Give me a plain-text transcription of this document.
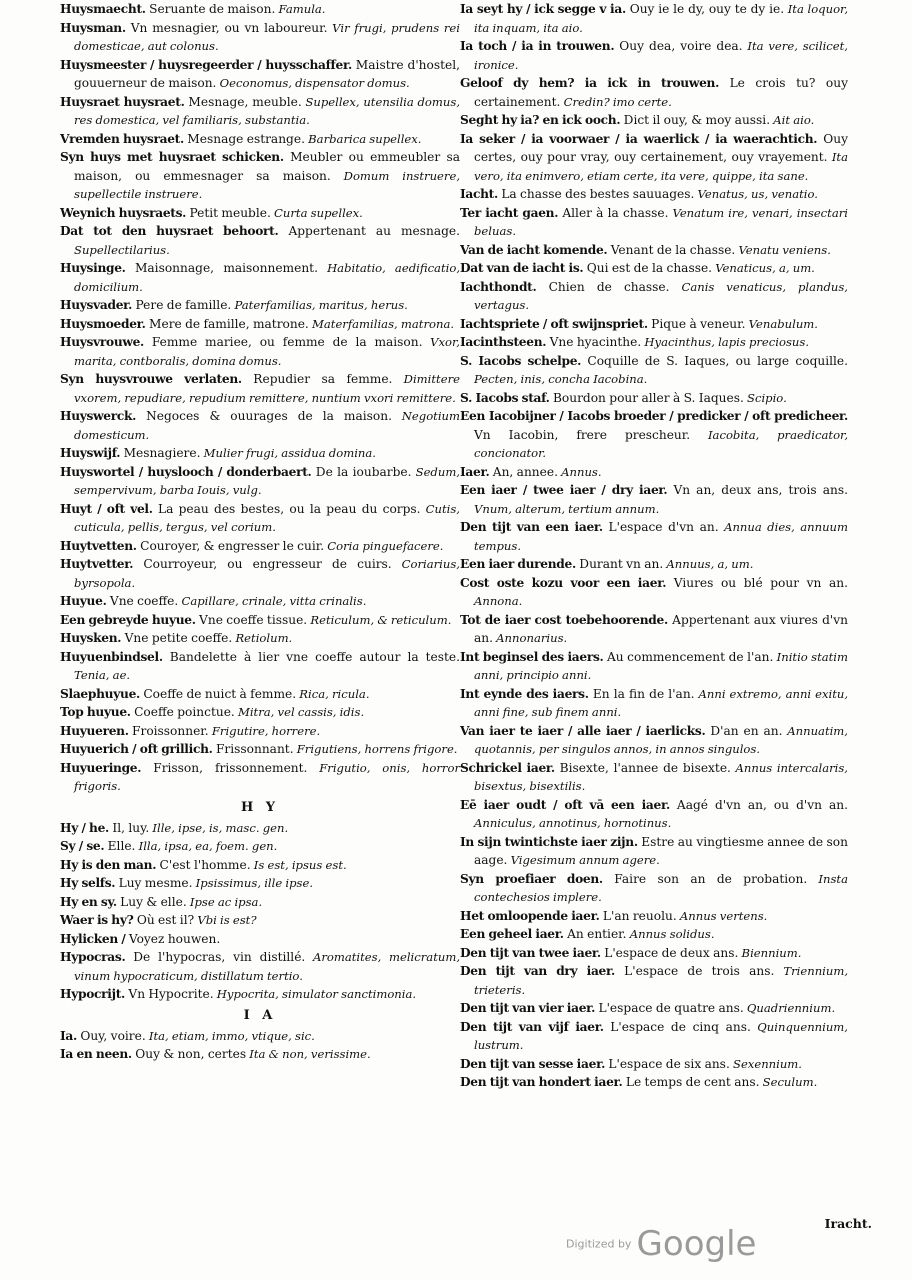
Huysmaecht. Seruante de maison. Famula.
Huysman. Vn mesnagier, ou vn laboureur. Vir frugi, prudens rei domesticae, aut colonus.
Huysmeester / huysregeerder / huysschaffer. Maistre d'hostel, gouuerneur de maison. Oeconomus, dispensator domus.
Huysraet huysraet. Mesnage, meuble. Supellex, utensilia domus, res domestica, vel familiaris, substantia.
Vremden huysraet. Mesnage estrange. Barbarica supellex.
Syn huys met huysraet schicken. Meubler ou emmeubler sa maison, ou emmesnager sa maison. Domum instruere, supellectile instruere.
Weynich huysraets. Petit meuble. Curta supellex.
Dat tot den huysraet behoort. Appertenant au mesnage. Supellectilarius.
Huysinge. Maisonnage, maisonnement. Habitatio, aedificatio, domicilium.
Huysvader. Pere de famille. Paterfamilias, maritus, herus.
Huysmoeder. Mere de famille, matrone. Materfamilias, matrona.
Huysvrouwe. Femme mariee, ou femme de la maison. Vxor, marita, contboralis, domina domus.
Syn huysvrouwe verlaten. Repudier sa femme. Dimittere vxorem, repudiare, repudium remittere, nuntium vxori remittere.
Huyswerck. Negoces & ouurages de la maison. Negotium domesticum.
Huyswijf. Mesnagiere. Mulier frugi, assidua domina.
Huyswortel / huyslooch / donderbaert. De la ioubarbe. Sedum, sempervivum, barba Iouis, vulg.
Huyt / oft vel. La peau des bestes, ou la peau du corps. Cutis, cuticula, pellis, tergus, vel corium.
Huytvetten. Couroyer, & engresser le cuir. Coria pinguefacere.
Huytvetter. Courroyeur, ou engresseur de cuirs. Coriarius, byrsopola.
Huyue. Vne coeffe. Capillare, crinale, vitta crinalis.
Een gebreyde huyue. Vne coeffe tissue. Reticulum, & reticulum.
Huysken. Vne petite coeffe. Retiolum.
Huyuenbindsel. Bandelette à lier vne coeffe autour la teste. Tenia, ae.
Slaephuyue. Coeffe de nuict à femme. Rica, ricula.
Top huyue. Coeffe poinctue. Mitra, vel cassis, idis.
Huyueren. Froissonner. Frigutire, horrere.
Huyuerich / oft grillich. Frissonnant. Frigutiens, horrens frigore.
Huyueringe. Frisson, frissonnement. Frigutio, onis, horror frigoris.
H Y
Hy / he. Il, luy. Ille, ipse, is, masc. gen.
Sy / se. Elle. Illa, ipsa, ea, foem. gen.
Hy is den man. C'est l'homme. Is est, ipsus est.
Hy selfs. Luy mesme. Ipsissimus, ille ipse.
Hy en sy. Luy & elle. Ipse ac ipsa.
Waer is hy? Où est il? Vbi is est?
Hylicken / Voyez houwen.
Hypocras. De l'hypocras, vin distillé. Aromatites, melicratum, vinum hypocraticum, distillatum tertio.
Hypocrijt. Vn Hypocrite. Hypocrita, simulator sanctimonia.
I A
Ia. Ouy, voire. Ita, etiam, immo, vtique, sic.
Ia en neen. Ouy & non, certes Ita & non, verissime.
Ia seyt hy / ick segge v ia. Ouy ie le dy, ouy te dy ie. Ita loquor, ita inquam, ita aio.
Ia toch / ia in trouwen. Ouy dea, voire dea. Ita vere, scilicet, ironice.
Geloof dy hem? ia ick in trouwen. Le crois tu? ouy certainement. Credin? imo certe.
Seght hy ia? en ick ooch. Dict il ouy, & moy aussi. Ait aio.
Ia seker / ia voorwaer / ia waerlick / ia waerachtich. Ouy certes, ouy pour vray, ouy certainement, ouy vrayement. Ita vero, ita enimvero, etiam certe, ita vere, quippe, ita sane.
Iacht. La chasse des bestes sauuages. Venatus, us, venatio.
Ter iacht gaen. Aller à la chasse. Venatum ire, venari, insectari beluas.
Van de iacht komende. Venant de la chasse. Venatu veniens.
Dat van de iacht is. Qui est de la chasse. Venaticus, a, um.
Iachthondt. Chien de chasse. Canis venaticus, plandus, vertagus.
Iachtspriete / oft swijnspriet. Pique à veneur. Venabulum.
Iacinthsteen. Vne hyacinthe. Hyacinthus, lapis preciosus.
S. Iacobs schelpe. Coquille de S. Iaques, ou large coquille. Pecten, inis, concha Iacobina.
S. Iacobs staf. Bourdon pour aller à S. Iaques. Scipio.
Een Iacobijner / Iacobs broeder / predicker / oft predicheer. Vn Iacobin, frere prescheur. Iacobita, praedicator, concionator.
Iaer. An, annee. Annus.
Een iaer / twee iaer / dry iaer. Vn an, deux ans, trois ans. Vnum, alterum, tertium annum.
Den tijt van een iaer. L'espace d'vn an. Annua dies, annuum tempus.
Een iaer durende. Durant vn an. Annuus, a, um.
Cost oste kozu voor een iaer. Viures ou blé pour vn an. Annona.
Tot de iaer cost toebehoorende. Appertenant aux viures d'vn an. Annonarius.
Int beginsel des iaers. Au commencement de l'an. Initio statim anni, principio anni.
Int eynde des iaers. En la fin de l'an. Anni extremo, anni exitu, anni fine, sub finem anni.
Van iaer te iaer / alle iaer / iaerlicks. D'an en an. Annuatim, quotannis, per singulos annos, in annos singulos.
Schrickel iaer. Bisexte, l'annee de bisexte. Annus intercalaris, bisextus, bisextilis.
Eē iaer oudt / oft vā een iaer. Aagé d'vn an, ou d'vn an. Anniculus, annotinus, hornotinus.
In sijn twintichste iaer zijn. Estre au vingtiesme annee de son aage. Vigesimum annum agere.
Syn proefiaer doen. Faire son an de probation. Insta contechesios implere.
Het omloopende iaer. L'an reuolu. Annus vertens.
Een geheel iaer. An entier. Annus solidus.
Den tijt van twee iaer. L'espace de deux ans. Biennium.
Den tijt van dry iaer. L'espace de trois ans. Triennium, trieteris.
Den tijt van vier iaer. L'espace de quatre ans. Quadriennium.
Den tijt van vijf iaer. L'espace de cinq ans. Quinquennium, lustrum.
Den tijt van sesse iaer. L'espace de six ans. Sexennium.
Den tijt van hondert iaer. Le temps de cent ans. Seculum.
Iracht.
Digitized by Google
